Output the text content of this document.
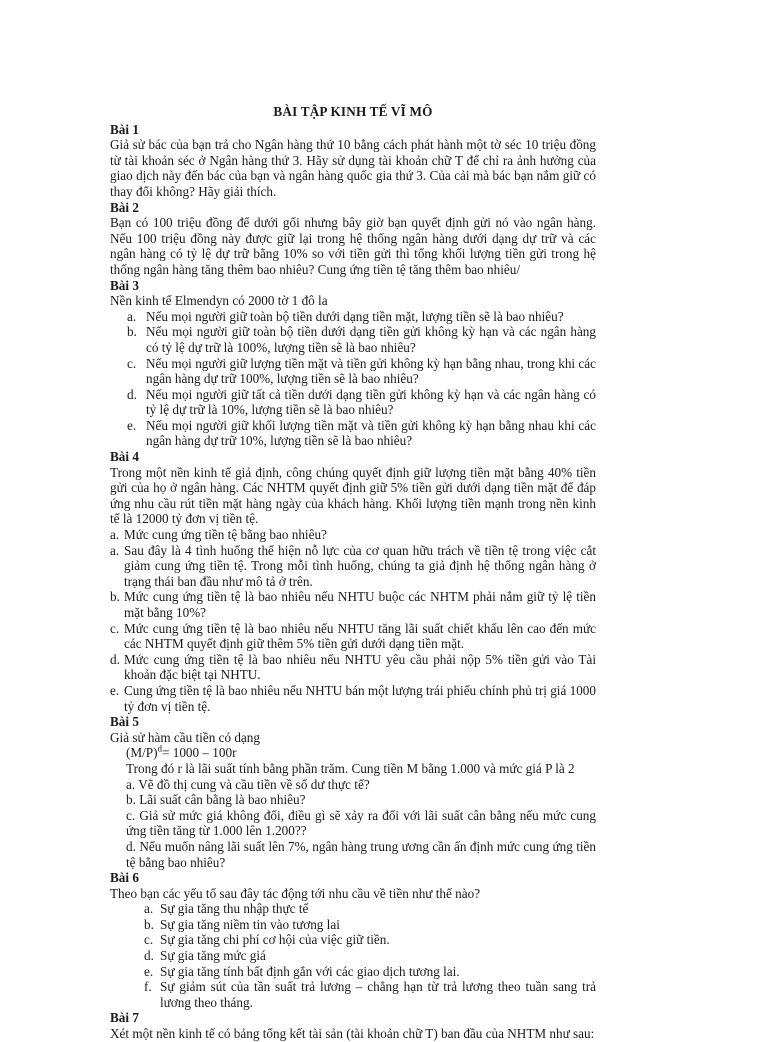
BÀI TẬP KINH TẾ VĨ MÔ
Bài 1

Giả sử bác của bạn trả cho Ngân hàng thứ 10 bằng cách phát hành một tờ séc 10 triệu đồng từ tài khoản séc ở Ngân hàng thứ 3. Hãy sử dụng tài khoản chữ T để chỉ ra ảnh hưởng của giao dịch này đến bác của bạn và ngân hàng quốc gia thứ 3. Của cải mà bác bạn nắm giữ có thay đổi không? Hãy giải thích.

Bài 2

Bạn có 100 triệu đồng để dưới gối nhưng bây giờ bạn quyết định gửi nó vào ngân hàng. Nếu 100 triệu đồng này được giữ lại trong hệ thống ngân hàng dưới dạng dự trữ và các ngân hàng có tỷ lệ dự trữ bằng 10% so với tiền gửi thì tổng khối lượng tiền gửi trong hệ thống ngân hàng tăng thêm bao nhiêu? Cung ứng tiền tệ tăng thêm bao nhiêu/

Bài 3

Nền kinh tế Elmendyn có 2000 tờ 1 đô la

a. Nếu mọi người giữ toàn bộ tiền dưới dạng tiền mặt, lượng tiền sẽ là bao nhiêu?
b. Nếu mọi người giữ toàn bộ tiền dưới dạng tiền gửi không kỳ hạn và các ngân hàng có tỷ lệ dự trữ là 100%, lượng tiền sẽ là bao nhiêu?
c. Nếu mọi người giữ lượng tiền mặt và tiền gửi không kỳ hạn bằng nhau, trong khi các ngân hàng dự trữ 100%, lượng tiền sẽ là bao nhiêu?
d. Nếu mọi người giữ tất cả tiền dưới dạng tiền gửi không kỳ hạn và các ngân hàng có tỷ lệ dự trữ là 10%, lượng tiền sẽ là bao nhiêu?
e. Nếu mọi người giữ khối lượng tiền mặt và tiền gửi không kỳ hạn bằng nhau khi các ngân hàng dự trữ 10%, lượng tiền sẽ là bao nhiêu?
Bài 4

Trong một nền kinh tế giả định, công chúng quyết định giữ lượng tiền mặt bằng 40% tiền gửi của họ ở ngân hàng. Các NHTM quyết định giữ 5% tiền gửi dưới dạng tiền mặt để đáp ứng nhu cầu rút tiền mặt hàng ngày của khách hàng. Khối lượng tiền mạnh trong nền kinh tế là 12000 tỷ đơn vị tiền tệ.

a. Mức cung ứng tiền tệ bằng bao nhiêu?
a. Sau đây là 4 tình huống thể hiện nỗ lực của cơ quan hữu trách về tiền tệ trong việc cắt giảm cung ứng tiền tệ. Trong mỗi tình huống, chúng ta giả định hệ thống ngân hàng ở trạng thái ban đầu như mô tả ở trên.
b. Mức cung ứng tiền tệ là bao nhiêu nếu NHTU buộc các NHTM phải nắm giữ tỷ lệ tiền mặt bằng 10%?
c. Mức cung ứng tiền tệ là bao nhiêu nếu NHTU tăng lãi suất chiết khấu lên cao đến mức các NHTM quyết định giữ thêm 5% tiền gửi dưới dạng tiền mặt.
d. Mức cung ứng tiền tệ là bao nhiêu nếu NHTU yêu cầu phải nộp 5% tiền gửi vào Tài khoản đặc biệt tại NHTU.
e. Cung ứng tiền tệ là bao nhiêu nếu NHTU bán một lượng trái phiếu chính phủ trị giá 1000 tỷ đơn vị tiền tệ.
Bài 5

Giả sử hàm cầu tiền có dạng

$(M/P)^d= 1000 - 100r$

Trong đó r là lãi suất tính bằng phần trăm. Cung tiền M bằng 1.000 và mức giá P là 2

a. Vẽ đồ thị cung và cầu tiền về số dư thực tế?
b. Lãi suất cân bằng là bao nhiêu?
c. Giả sử mức giá không đổi, điều gì sẽ xảy ra đối với lãi suất cân bằng nếu mức cung ứng tiền tăng từ 1.000 lên 1.200??
d. Nếu muốn nâng lãi suất lên 7%, ngân hàng trung ương cần ấn định mức cung ứng tiền tệ bằng bao nhiêu?
Bài 6

Theo bạn các yếu tố sau đây tác động tới nhu cầu về tiền như thế nào?

a. Sự gia tăng thu nhập thực tế
b. Sự gia tăng niềm tin vào tương lai
c. Sự gia tăng chi phí cơ hội của việc giữ tiền.
d. Sự gia tăng mức giá
e. Sự gia tăng tính bất định gắn với các giao dịch tương lai.
f. Sự giảm sút của tần suất trả lương – chẳng hạn từ trả lương theo tuần sang trả lương theo tháng.
Bài 7

Xét một nền kinh tế có bảng tổng kết tài sản (tài khoản chữ T) ban đầu của NHTM như sau:
